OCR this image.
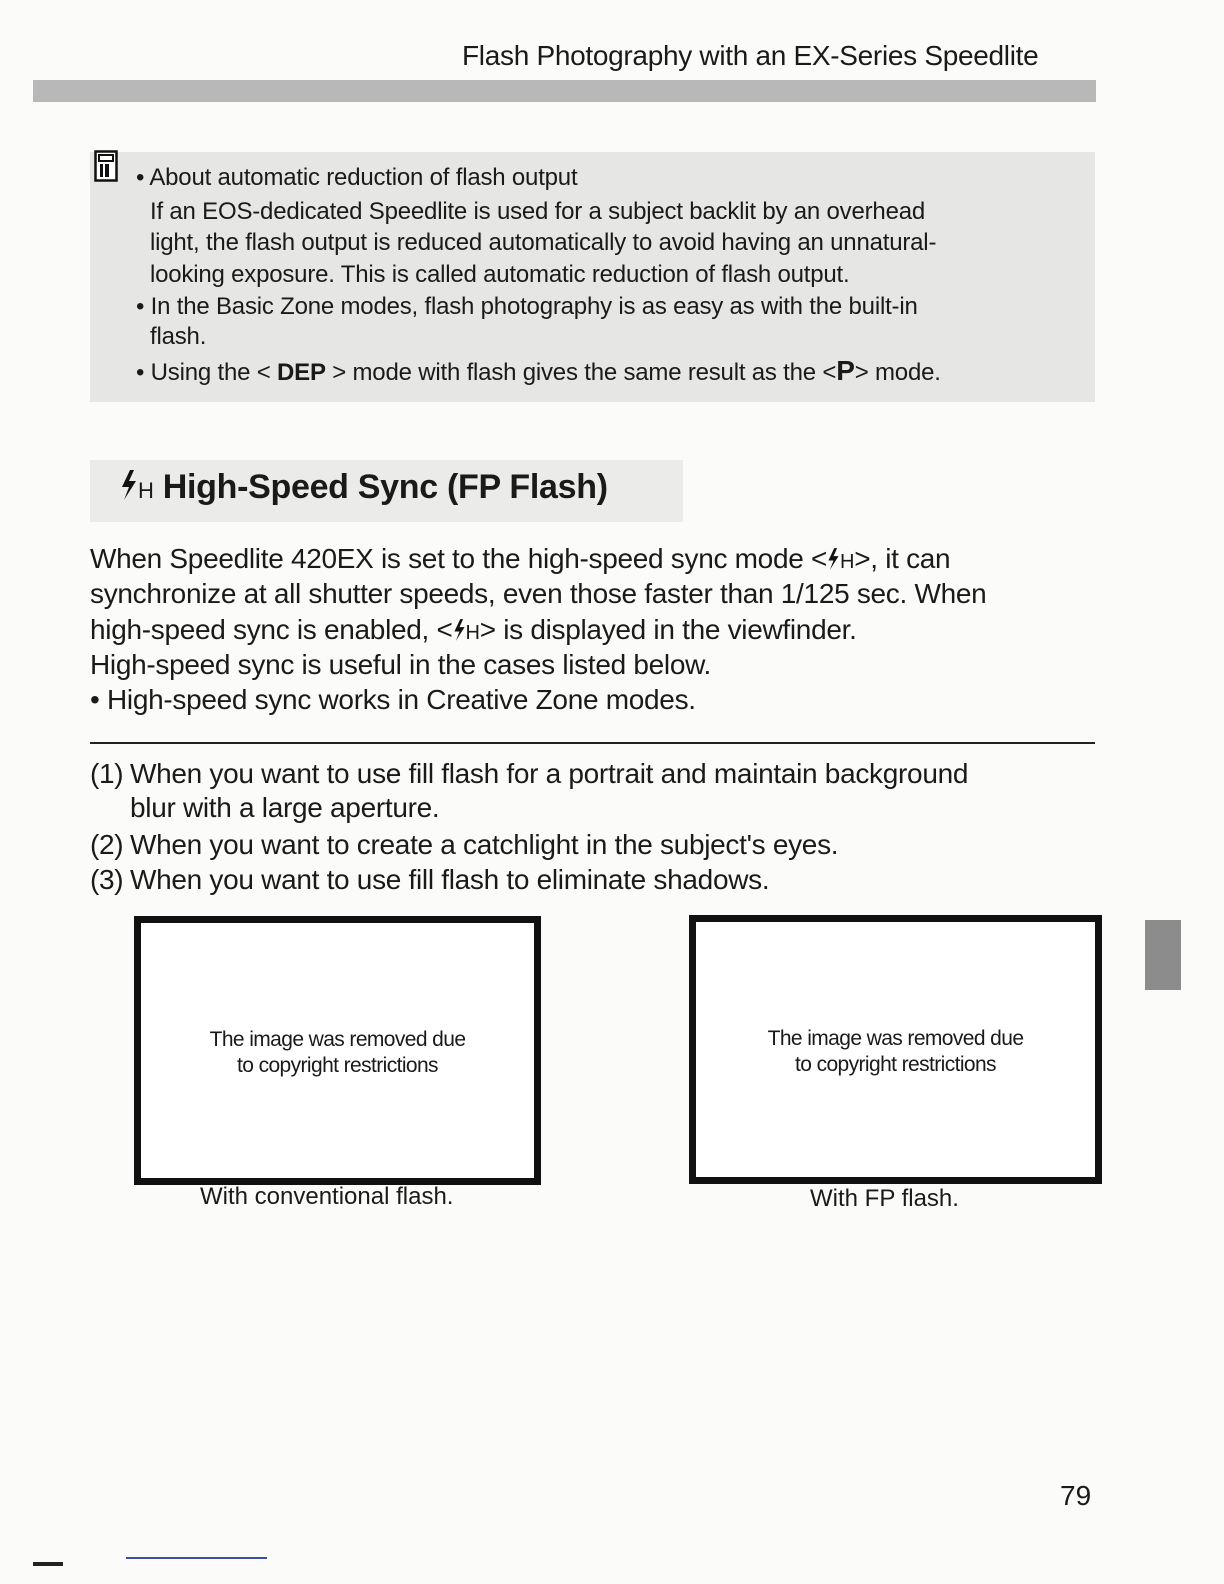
Flash Photography with an EX-Series Speedlite
• About automatic reduction of flash output
If an EOS-dedicated Speedlite is used for a subject backlit by an overhead
light, the flash output is reduced automatically to avoid having an unnatural-
looking exposure. This is called automatic reduction of flash output.
• In the Basic Zone modes, flash photography is as easy as with the built-in
flash.
• Using the < DEP > mode with flash gives the same result as the <P> mode.
H High-Speed Sync (FP Flash)
When Speedlite 420EX is set to the high-speed sync mode < H>, it can
synchronize at all shutter speeds, even those faster than 1/125 sec. When
high-speed sync is enabled, < H> is displayed in the viewfinder.
High-speed sync is useful in the cases listed below.
• High-speed sync works in Creative Zone modes.
(1) When you want to use fill flash for a portrait and maintain background
blur with a large aperture.
(2) When you want to create a catchlight in the subject's eyes.
(3) When you want to use fill flash to eliminate shadows.
The image was removed due
to copyright restrictions
With conventional flash.
The image was removed due
to copyright restrictions
With FP flash.
79
